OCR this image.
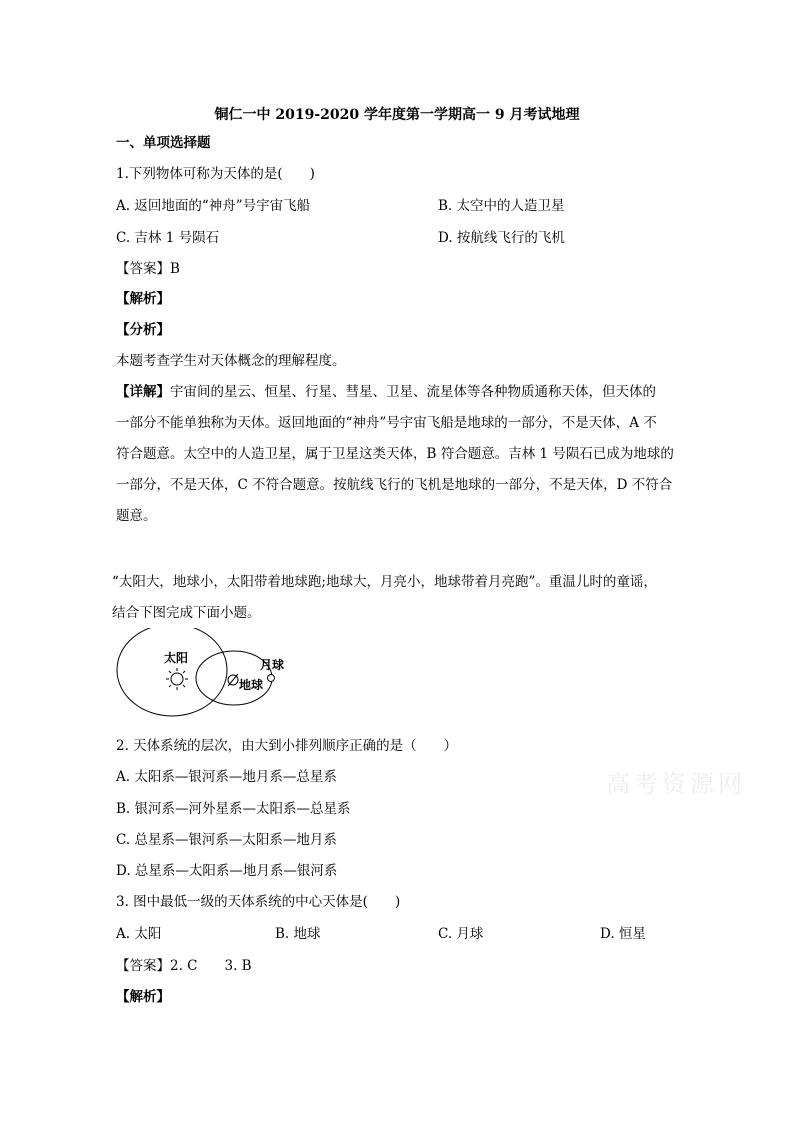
铜仁一中 2019-2020 学年度第一学期高一 9 月考试地理
一、单项选择题
1.下列物体可称为天体的是(　　)
A. 返回地面的“神舟”号宇宙飞船	B. 太空中的人造卫星
C. 吉林 1 号陨石	D. 按航线飞行的飞机
【答案】B
【解析】
【分析】
本题考查学生对天体概念的理解程度。
【详解】宇宙间的星云、恒星、行星、彗星、卫星、流星体等各种物质通称天体，但天体的
一部分不能单独称为天体。返回地面的“神舟”号宇宙飞船是地球的一部分，不是天体，A 不
符合题意。太空中的人造卫星，属于卫星这类天体，B 符合题意。吉林 1 号陨石已成为地球的
一部分，不是天体，C 不符合题意。按航线飞行的飞机是地球的一部分，不是天体，D 不符合
题意。
“太阳大，地球小，太阳带着地球跑;地球大，月亮小，地球带着月亮跑”。重温儿时的童谣，
结合下图完成下面小题。
太阳
地球
月球
2. 天体系统的层次，由大到小排列顺序正确的是（　　）
A. 太阳系—银河系—地月系—总星系
B. 银河系—河外星系—太阳系—总星系
C. 总星系—银河系—太阳系—地月系
D. 总星系—太阳系—地月系—银河系
3. 图中最低一级的天体系统的中心天体是(　　)
A. 太阳	B. 地球	C. 月球	D. 恒星
【答案】2. C　　3. B
【解析】
高考资源网
